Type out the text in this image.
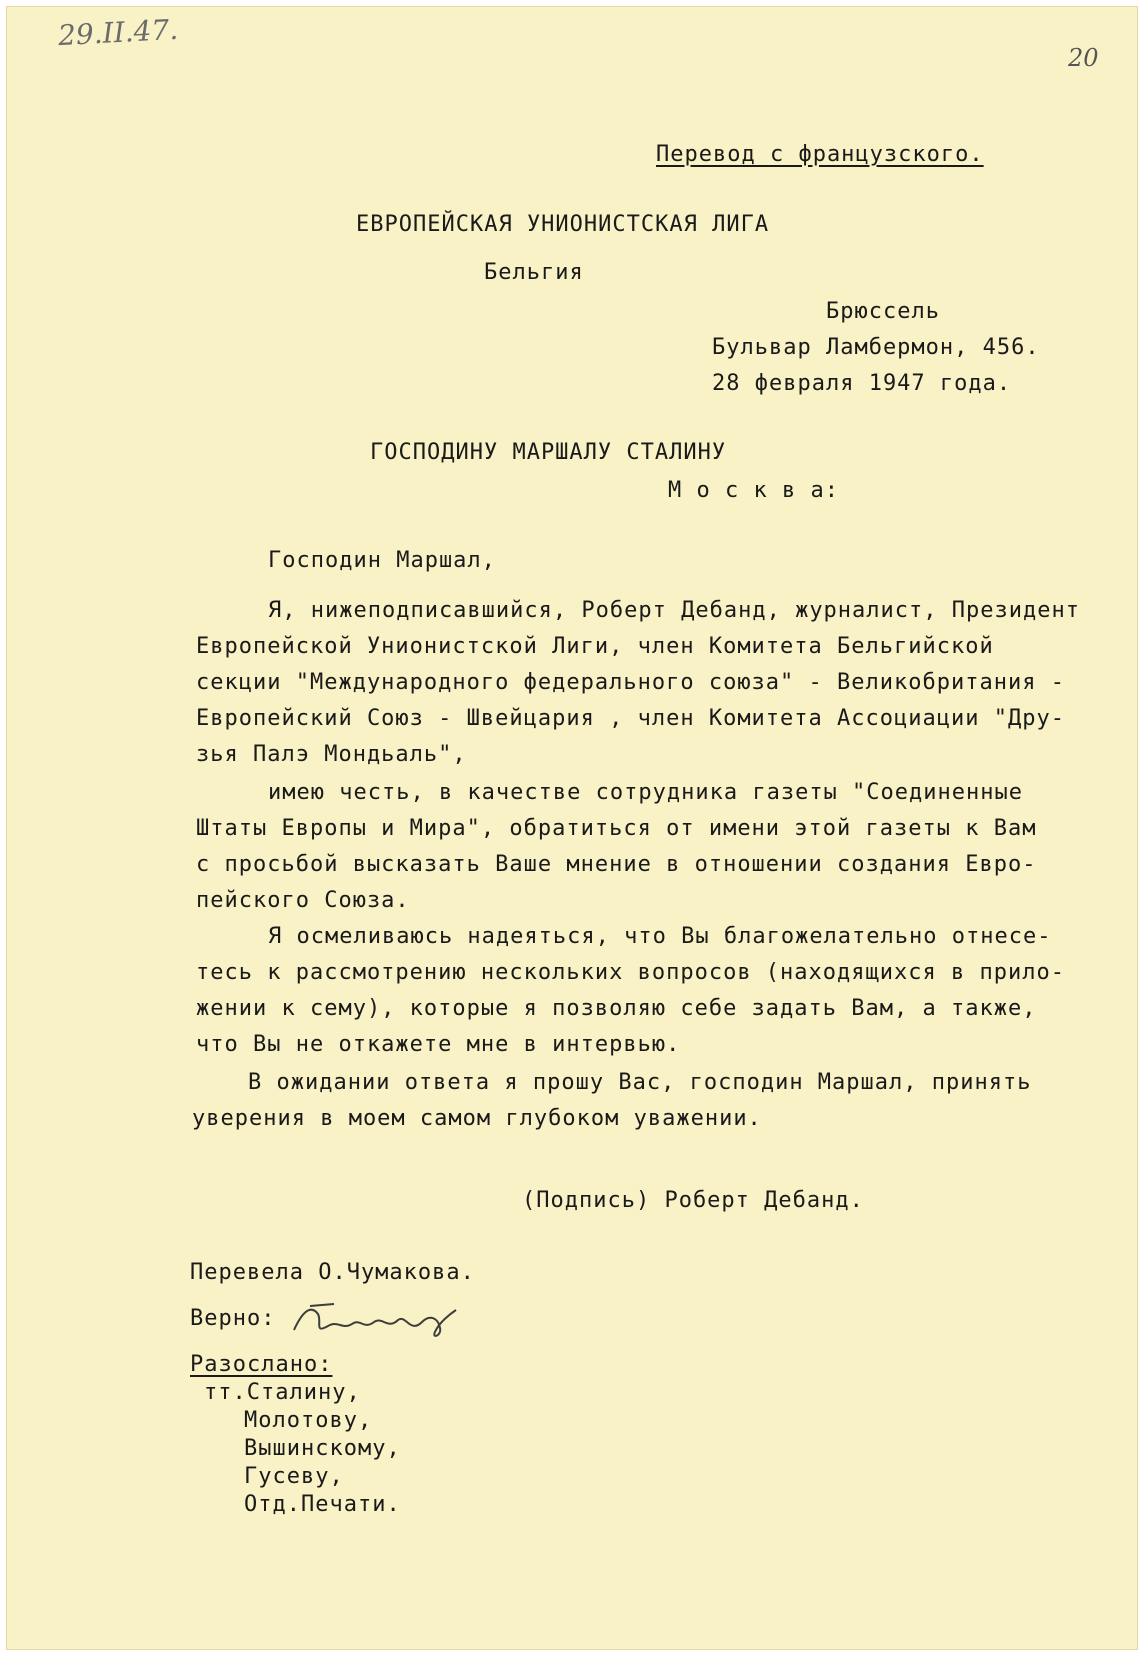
29.II.47.
20
Перевод с французского.
ЕВРОПЕЙСКАЯ УНИОНИСТСКАЯ ЛИГА
Бельгия
Брюссель
Бульвар Ламбермон, 456.
28 февраля 1947 года.
ГОСПОДИНУ МАРШАЛУ СТАЛИНУ
М о с к в а:
Господин Маршал,
Я, нижеподписавшийся, Роберт Дебанд, журналист, Президент
Европейской Унионистской Лиги, член Комитета Бельгийской
секции "Международного федерального союза" - Великобритания -
Европейский Союз - Швейцария , член Комитета Ассоциации "Дру-
зья Палэ Мондьаль",
имею честь, в качестве сотрудника газеты "Соединенные
Штаты Европы и Мира", обратиться от имени этой газеты к Вам
с просьбой высказать Ваше мнение в отношении создания Евро-
пейского Союза.
Я осмеливаюсь надеяться, что Вы благожелательно отнесе-
тесь к рассмотрению нескольких вопросов (находящихся в прило-
жении к сему), которые я позволяю себе задать Вам, а также,
что Вы не откажете мне в интервью.
В ожидании ответа я прошу Вас, господин Маршал, принять
уверения в моем самом глубоком уважении.
(Подпись) Роберт Дебанд.
Перевела О.Чумакова.
Верно:
Разослано:
тт.Сталину,
Молотову,
Вышинскому,
Гусеву,
Отд.Печати.
